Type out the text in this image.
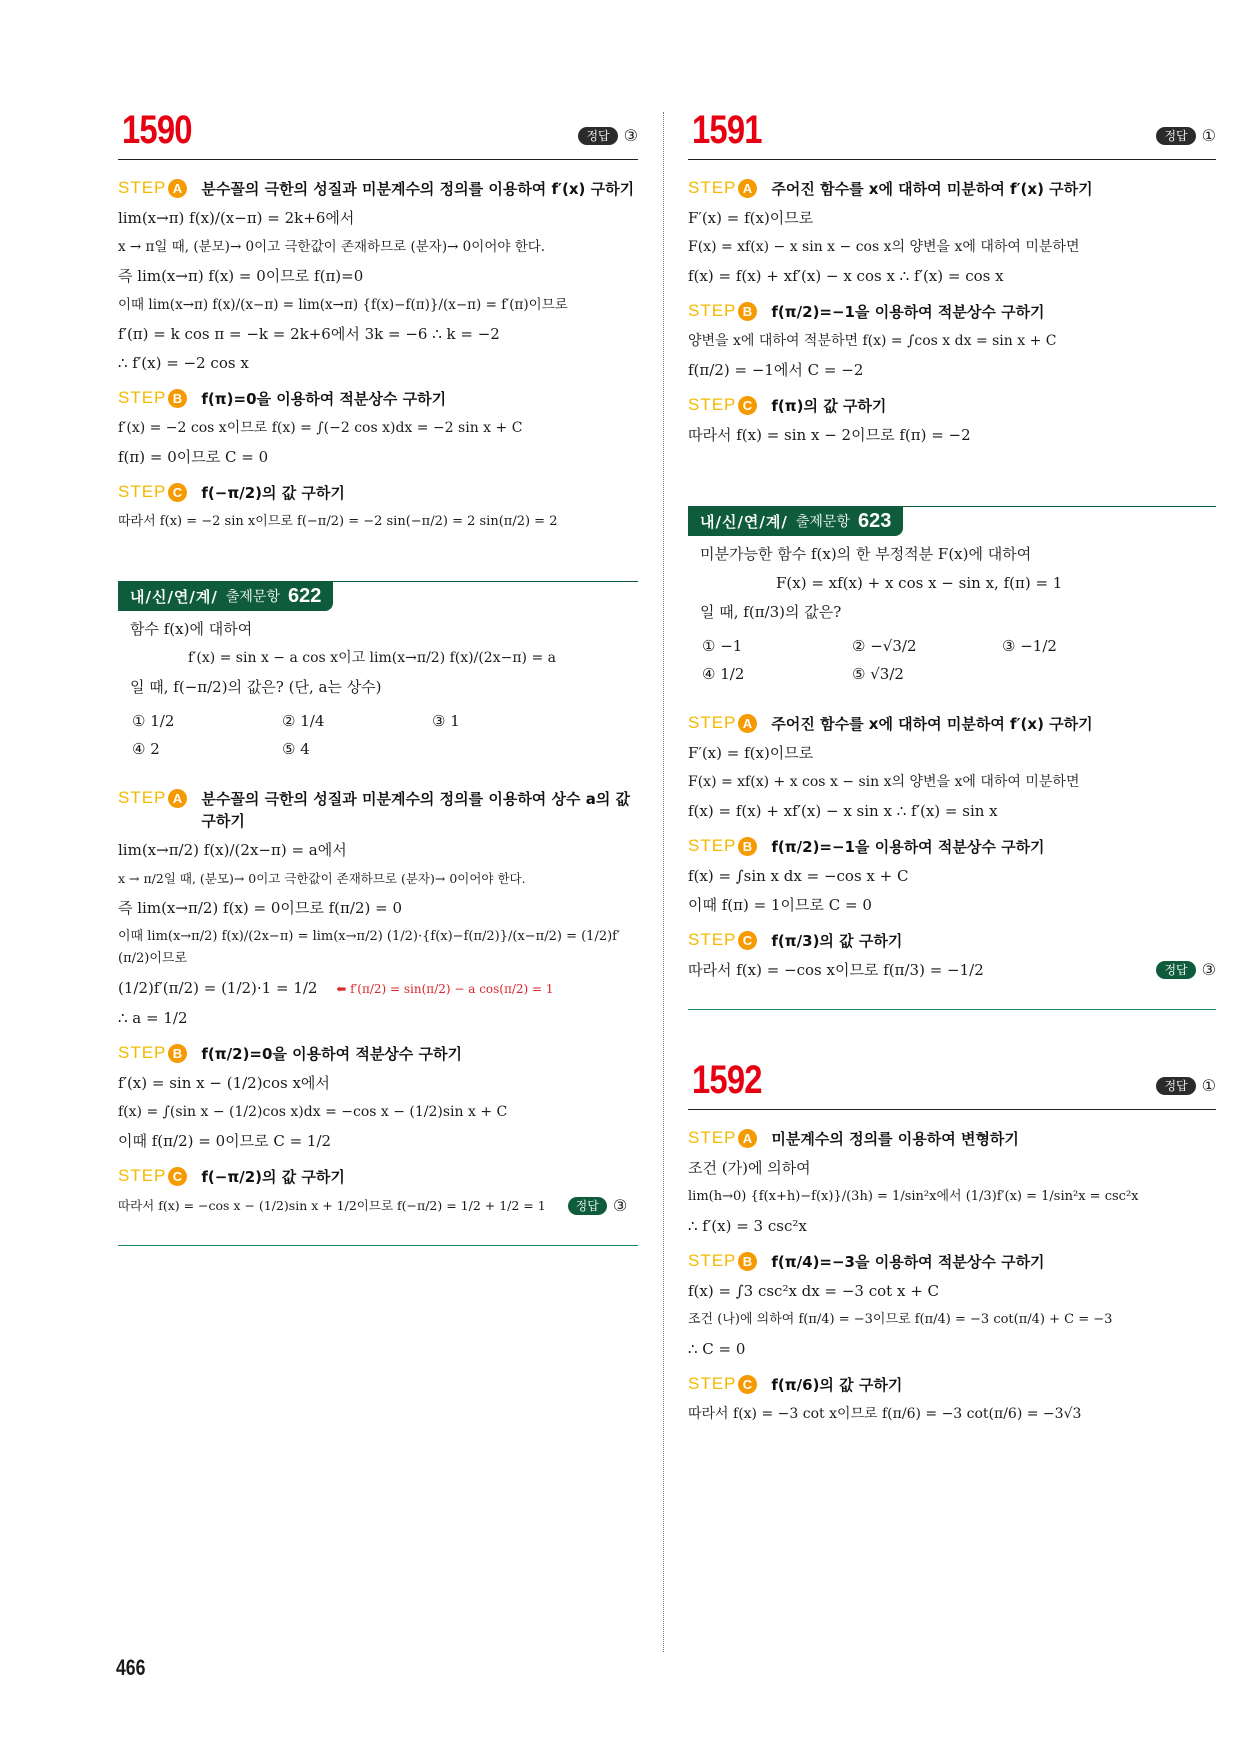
1590	정답 ③
STEP A 분수꼴의 극한의 성질과 미분계수의 정의를 이용하여 f′(x) 구하기
lim(x→π) f(x)/(x−π) = 2k+6에서
x → π일 때, (분모)→ 0이고 극한값이 존재하므로 (분자)→ 0이어야 한다.
즉 lim(x→π) f(x) = 0이므로 f(π)=0
이때 lim(x→π) f(x)/(x−π) = lim(x→π) {f(x)−f(π)}/(x−π) = f′(π)이므로
f′(π) = k cos π = −k = 2k+6에서 3k = −6 ∴ k = −2
∴ f′(x) = −2 cos x
STEP B f(π)=0을 이용하여 적분상수 구하기
f′(x) = −2 cos x이므로 f(x) = ∫(−2 cos x)dx = −2 sin x + C
f(π) = 0이므로 C = 0
STEP C f(−π/2)의 값 구하기
따라서 f(x) = −2 sin x이므로 f(−π/2) = −2 sin(−π/2) = 2 sin(π/2) = 2
내/신/연/계/ 출제문항 622
함수 f(x)에 대하여
f′(x) = sin x − a cos x이고 lim(x→π/2) f(x)/(2x−π) = a
일 때, f(−π/2)의 값은? (단, a는 상수)
① 1/2	② 1/4	③ 1
④ 2	⑤ 4
STEP A 분수꼴의 극한의 성질과 미분계수의 정의를 이용하여 상수 a의 값 구하기
lim(x→π/2) f(x)/(2x−π) = a에서
x → π/2일 때, (분모)→ 0이고 극한값이 존재하므로 (분자)→ 0이어야 한다.
즉 lim(x→π/2) f(x) = 0이므로 f(π/2) = 0
이때 lim(x→π/2) f(x)/(2x−π) = lim(x→π/2) (1/2)·{f(x)−f(π/2)}/(x−π/2) = (1/2)f′(π/2)이므로
(1/2)f′(π/2) = (1/2)·1 = 1/2 ⬅ f′(π/2) = sin(π/2) − a cos(π/2) = 1
∴ a = 1/2
STEP B f(π/2)=0을 이용하여 적분상수 구하기
f′(x) = sin x − (1/2)cos x에서
f(x) = ∫(sin x − (1/2)cos x)dx = −cos x − (1/2)sin x + C
이때 f(π/2) = 0이므로 C = 1/2
STEP C f(−π/2)의 값 구하기
따라서 f(x) = −cos x − (1/2)sin x + 1/2이므로 f(−π/2) = 1/2 + 1/2 = 1	정답 ③
1591	정답 ①
STEP A 주어진 함수를 x에 대하여 미분하여 f′(x) 구하기
F′(x) = f(x)이므로
F(x) = xf(x) − x sin x − cos x의 양변을 x에 대하여 미분하면
f(x) = f(x) + xf′(x) − x cos x ∴ f′(x) = cos x
STEP B f(π/2)=−1을 이용하여 적분상수 구하기
양변을 x에 대하여 적분하면 f(x) = ∫cos x dx = sin x + C
f(π/2) = −1에서 C = −2
STEP C f(π)의 값 구하기
따라서 f(x) = sin x − 2이므로 f(π) = −2
내/신/연/계/ 출제문항 623
미분가능한 함수 f(x)의 한 부정적분 F(x)에 대하여
F(x) = xf(x) + x cos x − sin x, f(π) = 1
일 때, f(π/3)의 값은?
① −1	② −√3/2	③ −1/2
④ 1/2	⑤ √3/2
STEP A 주어진 함수를 x에 대하여 미분하여 f′(x) 구하기
F′(x) = f(x)이므로
F(x) = xf(x) + x cos x − sin x의 양변을 x에 대하여 미분하면
f(x) = f(x) + xf′(x) − x sin x ∴ f′(x) = sin x
STEP B f(π/2)=−1을 이용하여 적분상수 구하기
f(x) = ∫sin x dx = −cos x + C
이때 f(π) = 1이므로 C = 0
STEP C f(π/3)의 값 구하기
따라서 f(x) = −cos x이므로 f(π/3) = −1/2	정답 ③
1592	정답 ①
STEP A 미분계수의 정의를 이용하여 변형하기
조건 (가)에 의하여
lim(h→0) {f(x+h)−f(x)}/(3h) = 1/sin²x에서 (1/3)f′(x) = 1/sin²x = csc²x
∴ f′(x) = 3 csc²x
STEP B f(π/4)=−3을 이용하여 적분상수 구하기
f(x) = ∫3 csc²x dx = −3 cot x + C
조건 (나)에 의하여 f(π/4) = −3이므로 f(π/4) = −3 cot(π/4) + C = −3
∴ C = 0
STEP C f(π/6)의 값 구하기
따라서 f(x) = −3 cot x이므로 f(π/6) = −3 cot(π/6) = −3√3
466
